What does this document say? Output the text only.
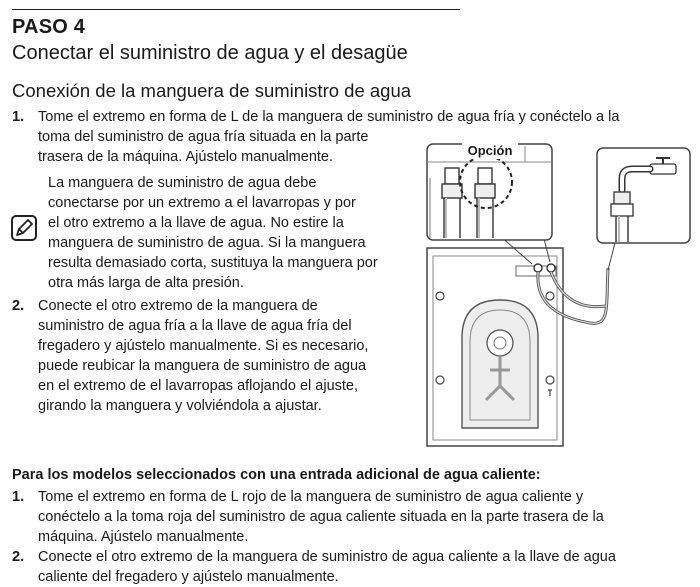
PASO 4
Conectar el suministro de agua y el desagüe
Conexión de la manguera de suministro de agua
1. Tome el extremo en forma de L de la manguera de suministro de agua fría y conéctelo a la
toma del suministro de agua fría situada en la parte
trasera de la máquina. Ajústelo manualmente.
La manguera de suministro de agua debe
conectarse por un extremo a el lavarropas y por
el otro extremo a la llave de agua. No estire la
manguera de suministro de agua. Si la manguera
resulta demasiado corta, sustituya la manguera por
otra más larga de alta presión.
2. Conecte el otro extremo de la manguera de
suministro de agua fría a la llave de agua fría del
fregadero y ajústelo manualmente. Si es necesario,
puede reubicar la manguera de suministro de agua
en el extremo de el lavarropas aflojando el ajuste,
girando la manguera y volviéndola a ajustar.
Opción
Para los modelos seleccionados con una entrada adicional de agua caliente:
1. Tome el extremo en forma de L rojo de la manguera de suministro de agua caliente y
conéctelo a la toma roja del suministro de agua caliente situada en la parte trasera de la
máquina. Ajústelo manualmente.
2. Conecte el otro extremo de la manguera de suministro de agua caliente a la llave de agua
caliente del fregadero y ajústelo manualmente.
